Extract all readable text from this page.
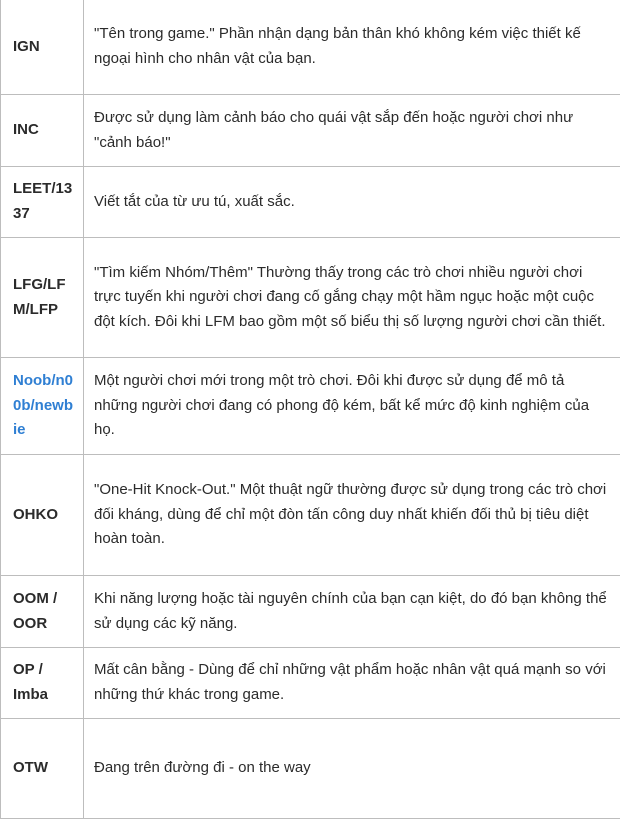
IGN	"Tên trong game." Phần nhận dạng bản thân khó không kém việc thiết kế ngoại hình cho nhân vật của bạn.
INC	Được sử dụng làm cảnh báo cho quái vật sắp đến hoặc người chơi như "cảnh báo!"
LEET/1337	Viết tắt của từ ưu tú, xuất sắc.
LFG/LFM/LFP	"Tìm kiếm Nhóm/Thêm" Thường thấy trong các trò chơi nhiều người chơi trực tuyến khi người chơi đang cố gắng chạy một hầm ngục hoặc một cuộc đột kích. Đôi khi LFM bao gồm một số biểu thị số lượng người chơi cần thiết.
Noob/n00b/newbie	Một người chơi mới trong một trò chơi. Đôi khi được sử dụng để mô tả những người chơi đang có phong độ kém, bất kể mức độ kinh nghiệm của họ.
OHKO	"One-Hit Knock-Out." Một thuật ngữ thường được sử dụng trong các trò chơi đối kháng, dùng để chỉ một đòn tấn công duy nhất khiến đối thủ bị tiêu diệt hoàn toàn.
OOM / OOR	Khi năng lượng hoặc tài nguyên chính của bạn cạn kiệt, do đó bạn không thể sử dụng các kỹ năng.
OP / Imba	Mất cân bằng - Dùng để chỉ những vật phẩm hoặc nhân vật quá mạnh so với những thứ khác trong game.
OTW	Đang trên đường đi - on the way
